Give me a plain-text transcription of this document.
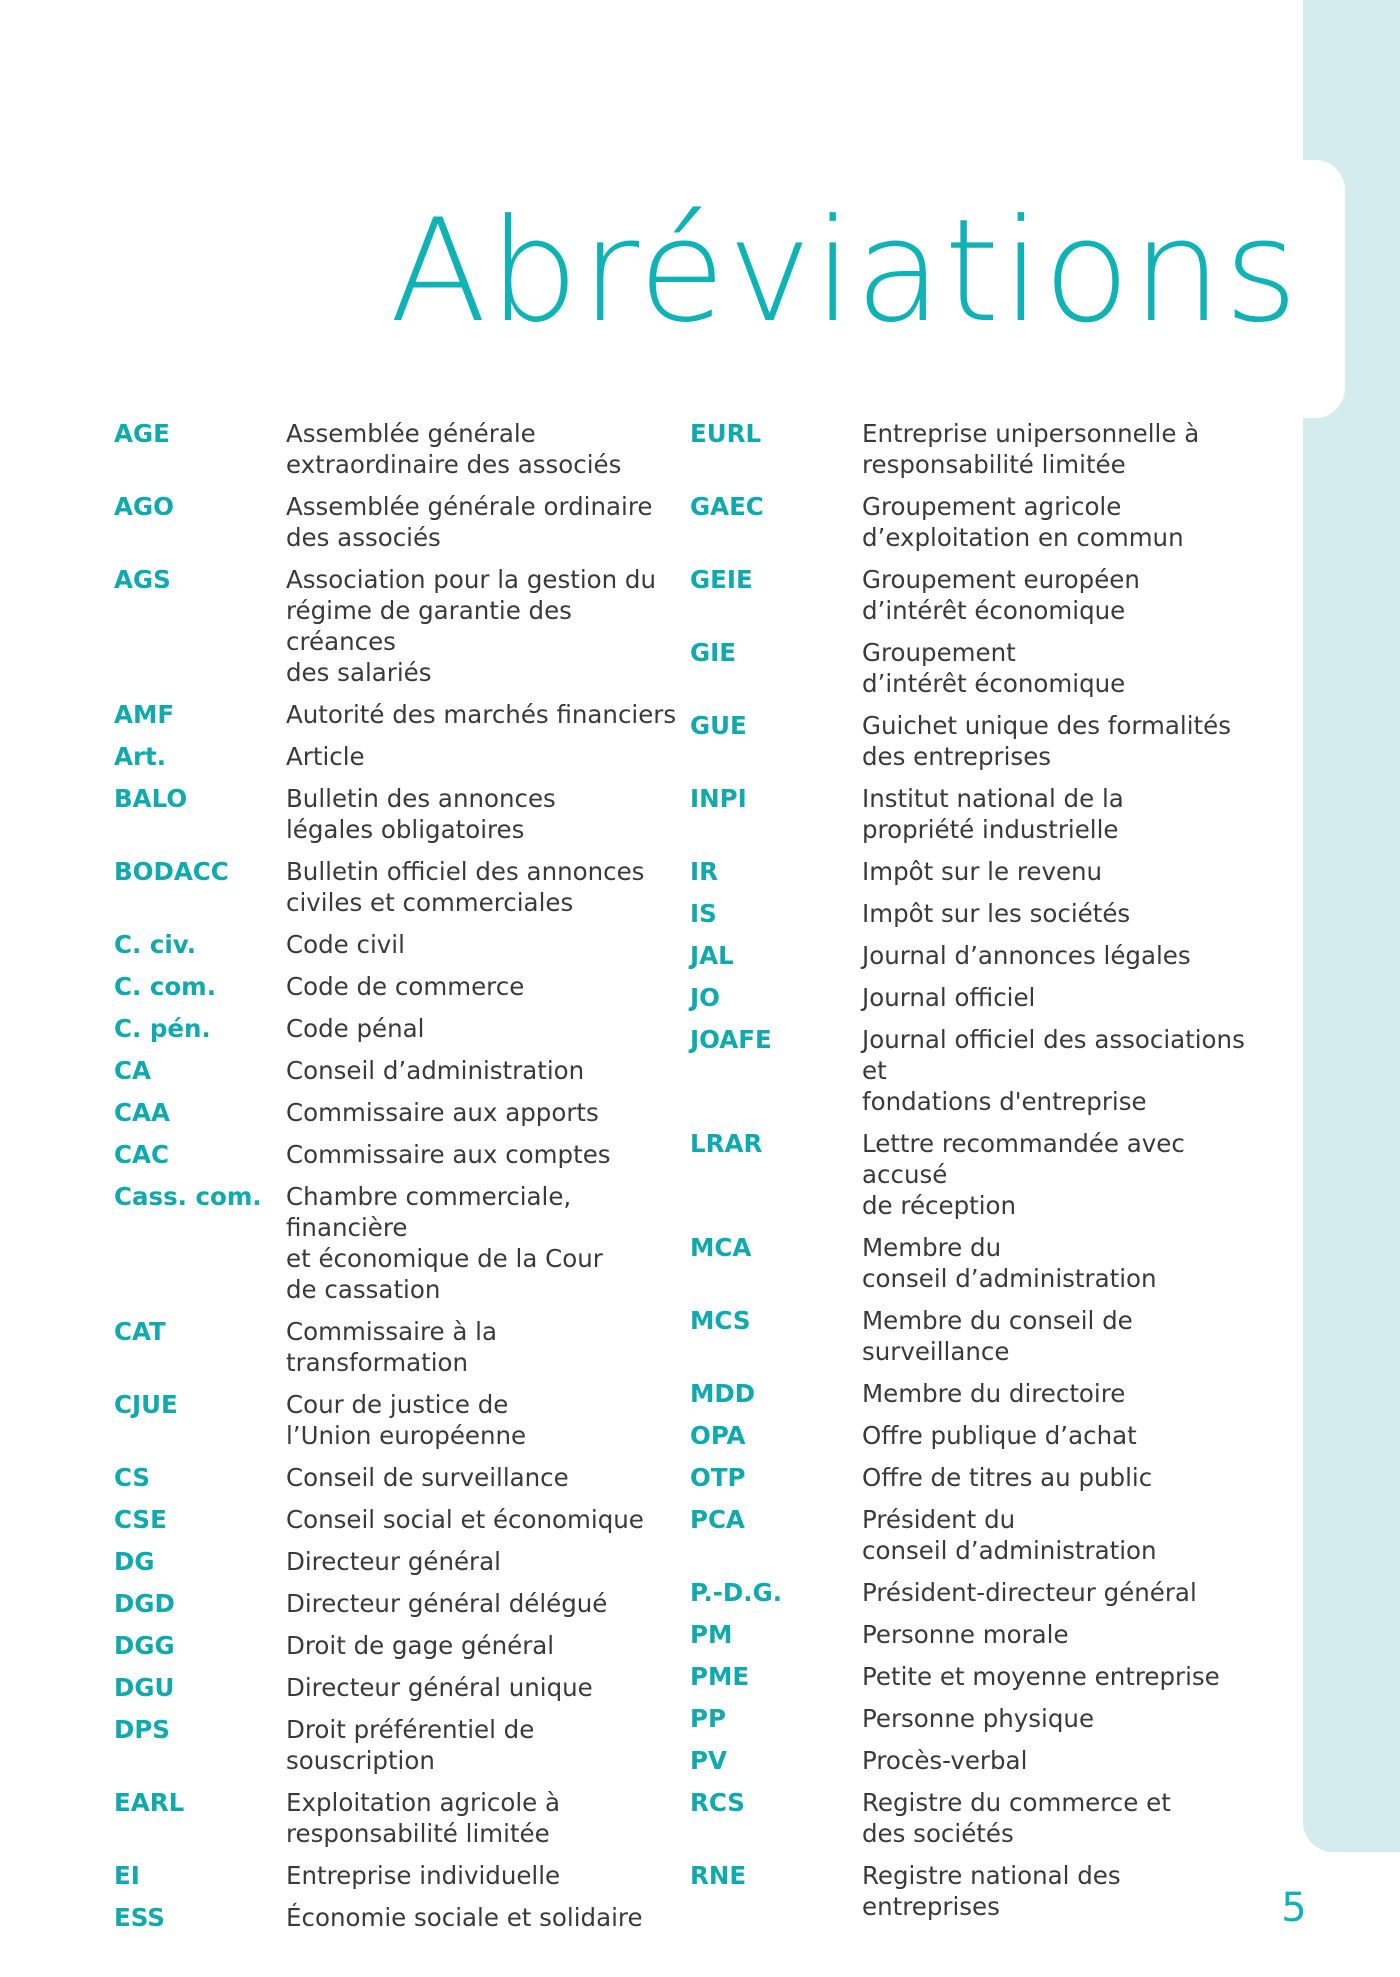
Abréviations
AGE	Assemblée générale
extraordinaire des associés
AGO	Assemblée générale ordinaire
des associés
AGS	Association pour la gestion du
régime de garantie des créances
des salariés
AMF	Autorité des marchés financiers
Art.	Article
BALO	Bulletin des annonces
légales obligatoires
BODACC	Bulletin officiel des annonces
civiles et commerciales
C. civ.	Code civil
C. com.	Code de commerce
C. pén.	Code pénal
CA	Conseil d’administration
CAA	Commissaire aux apports
CAC	Commissaire aux comptes
Cass. com. Chambre commerciale, financière
et économique de la Cour
de cassation
CAT	Commissaire à la transformation
CJUE	Cour de justice de
l’Union européenne
CS	Conseil de surveillance
CSE	Conseil social et économique
DG	Directeur général
DGD	Directeur général délégué
DGG	Droit de gage général
DGU	Directeur général unique
DPS	Droit préférentiel de souscription
EARL	Exploitation agricole à
responsabilité limitée
EI	Entreprise individuelle
ESS	Économie sociale et solidaire
EURL	Entreprise unipersonnelle à
responsabilité limitée
GAEC	Groupement agricole
d’exploitation en commun
GEIE	Groupement européen
d’intérêt économique
GIE	Groupement
d’intérêt économique
GUE	Guichet unique des formalités
des entreprises
INPI	Institut national de la
propriété industrielle
IR	Impôt sur le revenu
IS	Impôt sur les sociétés
JAL	Journal d’annonces légales
JO	Journal officiel
JOAFE	Journal officiel des associations et
fondations d'entreprise
LRAR	Lettre recommandée avec accusé
de réception
MCA	Membre du
conseil d’administration
MCS	Membre du conseil de surveillance
MDD	Membre du directoire
OPA	Offre publique d’achat
OTP	Offre de titres au public
PCA	Président du
conseil d’administration
P.-D.G.	Président-directeur général
PM	Personne morale
PME	Petite et moyenne entreprise
PP	Personne physique
PV	Procès-verbal
RCS	Registre du commerce et
des sociétés
RNE	Registre national des entreprises	5
